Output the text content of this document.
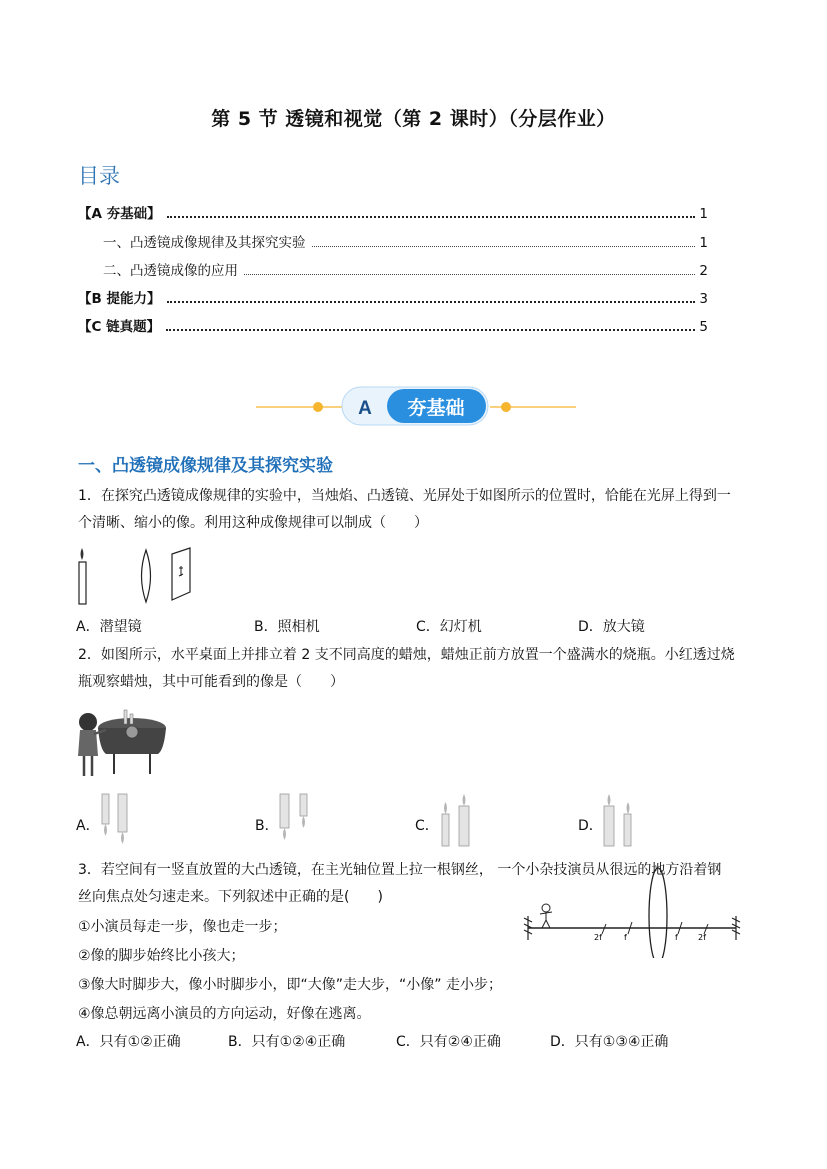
第 5 节 透镜和视觉（第 2 课时）（分层作业）
目录
【A 夯基础】	1
一、凸透镜成像规律及其探究实验	1
二、凸透镜成像的应用	2
【B 提能力】	3
【C 链真题】	5
A 夯基础
一、凸透镜成像规律及其探究实验
1．在探究凸透镜成像规律的实验中，当烛焰、凸透镜、光屏处于如图所示的位置时，恰能在光屏上得到一
个清晰、缩小的像。利用这种成像规律可以制成（　　）
A．潜望镜	B．照相机	C．幻灯机	D．放大镜
2．如图所示，水平桌面上并排立着 2 支不同高度的蜡烛，蜡烛正前方放置一个盛满水的烧瓶。小红透过烧
瓶观察蜡烛，其中可能看到的像是（　　）
A．	B．	C．	D．
3．若空间有一竖直放置的大凸透镜，在主光轴位置上拉一根钢丝， 一个小杂技演员从很远的地方沿着钢
丝向焦点处匀速走来。下列叙述中正确的是(　　)
①小演员每走一步，像也走一步；
②像的脚步始终比小孩大；
③像大时脚步大，像小时脚步小，即“大像”走大步，“小像” 走小步；
④像总朝远离小演员的方向运动，好像在逃离。
2f	f	f	2f
A．只有①②正确	B．只有①②④正确	C．只有②④正确	D．只有①③④正确
